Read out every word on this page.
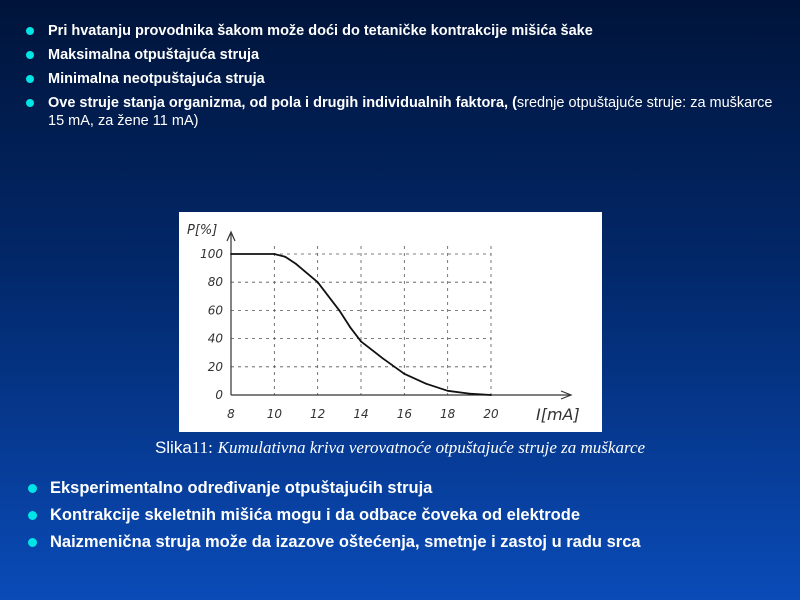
Pri hvatanju provodnika šakom može doći do tetaničke kontrakcije mišića šake
Maksimalna otpuštajuća struja
Minimalna neotpuštajuća struja
Ove struje stanja organizma, od pola i drugih individualnih faktora, (srednje otpuštajuće struje: za muškarce 15 mA, za žene 11 mA)
0
20
40
60
80
100
8	10 12 14 16 18 20
P[%]
I[mA]
Slika11: Kumulativna kriva verovatnoće otpuštajuće struje za muškarce
Eksperimentalno određivanje otpuštajućih struja
Kontrakcije skeletnih mišića mogu i da odbace čoveka od elektrode
Naizmenična struja može da izazove oštećenja, smetnje i zastoj u radu srca
